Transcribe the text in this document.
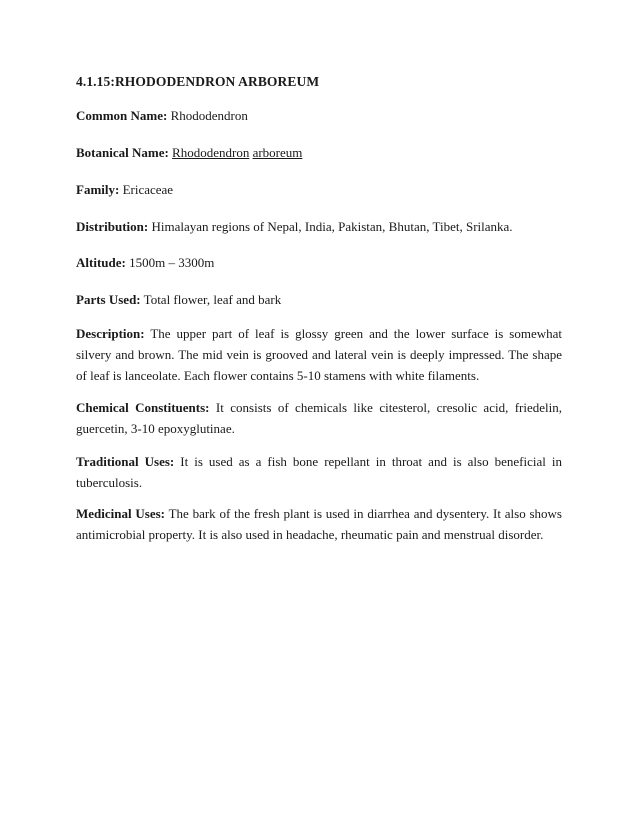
4.1.15:RHODODENDRON ARBOREUM

Common Name: Rhododendron

Botanical Name: Rhododendron arboreum

Family: Ericaceae

Distribution: Himalayan regions of Nepal, India, Pakistan, Bhutan, Tibet, Srilanka.

Altitude: 1500m – 3300m

Parts Used: Total flower, leaf and bark

Description: The upper part of leaf is glossy green and the lower surface is somewhat silvery and brown. The mid vein is grooved and lateral vein is deeply impressed. The shape of leaf is lanceolate. Each flower contains 5-10 stamens with white filaments.

Chemical Constituents: It consists of chemicals like citesterol, cresolic acid, friedelin, guercetin, 3-10 epoxyglutinae.

Traditional Uses: It is used as a fish bone repellant in throat and is also beneficial in tuberculosis.

Medicinal Uses: The bark of the fresh plant is used in diarrhea and dysentery. It also shows antimicrobial property. It is also used in headache, rheumatic pain and menstrual disorder.
